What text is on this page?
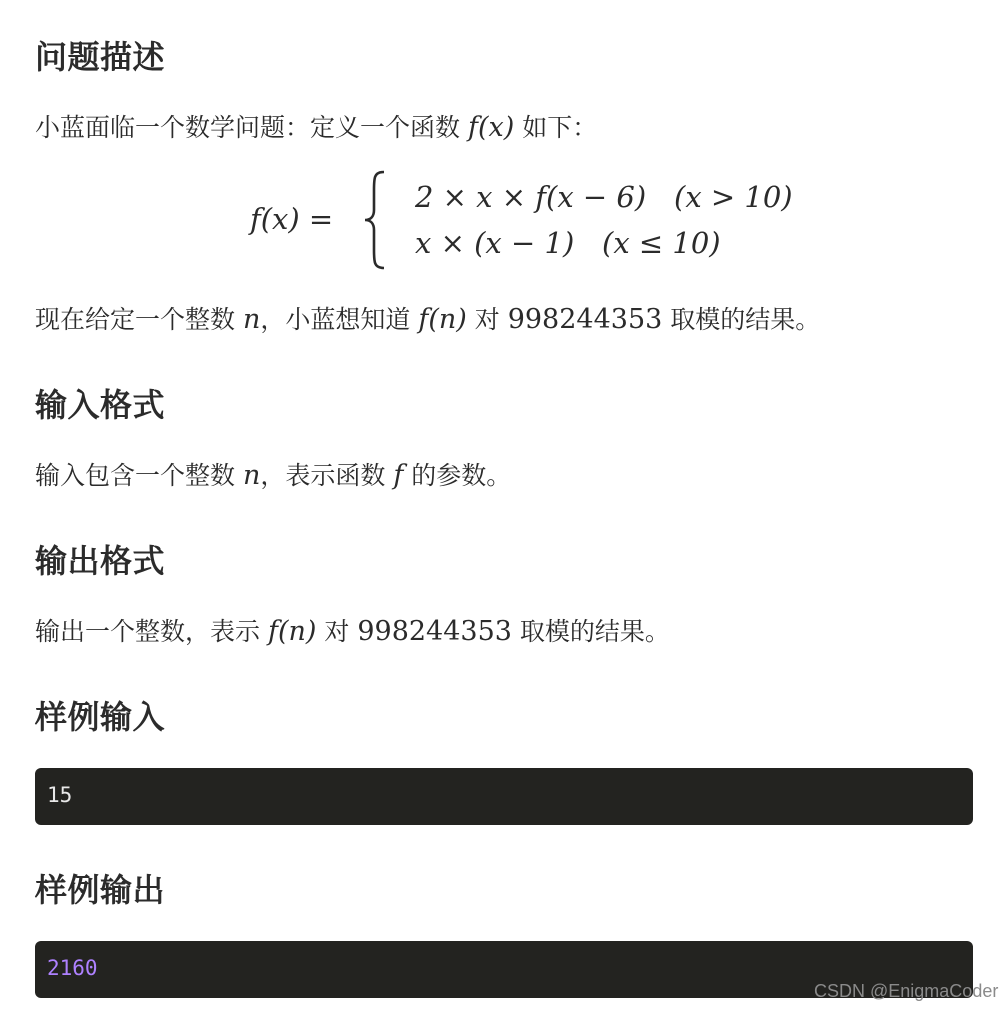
问题描述

小蓝面临一个数学问题：定义一个函数 f(x) 如下：

f(x) =
2 × x × f(x − 6) (x > 10)
x × (x − 1) (x ≤ 10)

现在给定一个整数 n，小蓝想知道 f(n) 对 998244353 取模的结果。

输入格式

输入包含一个整数 n，表示函数 f 的参数。

输出格式

输出一个整数，表示 f(n) 对 998244353 取模的结果。

样例输入
15
样例输出
2160
CSDN @EnigmaCoder
